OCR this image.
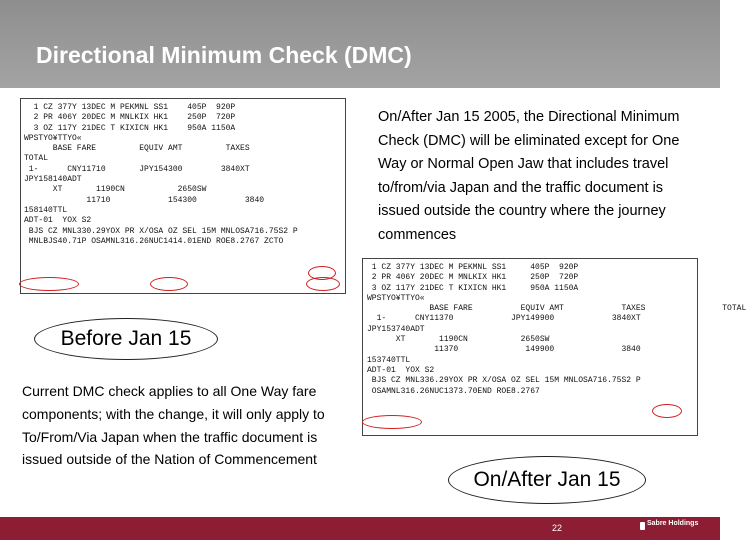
Directional Minimum Check (DMC)
1 CZ 377Y 13DEC M PEKMNL SS1    405P  920P
2 PR 406Y 20DEC M MNLKIX HK1    250P  720P
3 OZ 117Y 21DEC T KIXICN HK1    950A 1150A
WPSTYO¥TTYO«
BASE FARE         EQUIV AMT         TAXES
TOTAL
1-      CNY11710       JPY154300        3840XT
JPY158140ADT
XT       1190CN           2650SW
11710            154300          3840
158140TTL
ADT-01  YOX S2
BJS CZ MNL330.29YOX PR X/OSA OZ SEL 15M MNLOSA716.75S2 P
MNLBJS40.71P OSAMNL316.26NUC1414.01END ROE8.2767 ZCTO

On/After Jan 15 2005, the Directional Minimum Check (DMC) will be eliminated except for One Way or Normal Open Jaw that includes travel to/from/via Japan and the traffic document is issued outside the country where the journey commences
1 CZ 377Y 13DEC M PEKMNL SS1     405P  920P
2 PR 406Y 20DEC M MNLKIX HK1     250P  720P
3 OZ 117Y 21DEC T KIXICN HK1     950A 1150A
WPSTYO¥TTYO«
BASE FARE          EQUIV AMT            TAXES                TOTAL
1-      CNY11370            JPY149900            3840XT
JPY153740ADT
XT       1190CN           2650SW
11370              149900              3840
153740TTL
ADT-01  YOX S2
BJS CZ MNL336.29YOX PR X/OSA OZ SEL 15M MNLOSA716.75S2 P
OSAMNL316.26NUC1373.70END ROE8.2767

Before Jan 15
On/After Jan 15
Current DMC check applies to all One Way fare components; with the change, it will only apply to To/From/Via Japan when the traffic document is issued outside of the Nation of Commencement
22	Sabre Holdings
